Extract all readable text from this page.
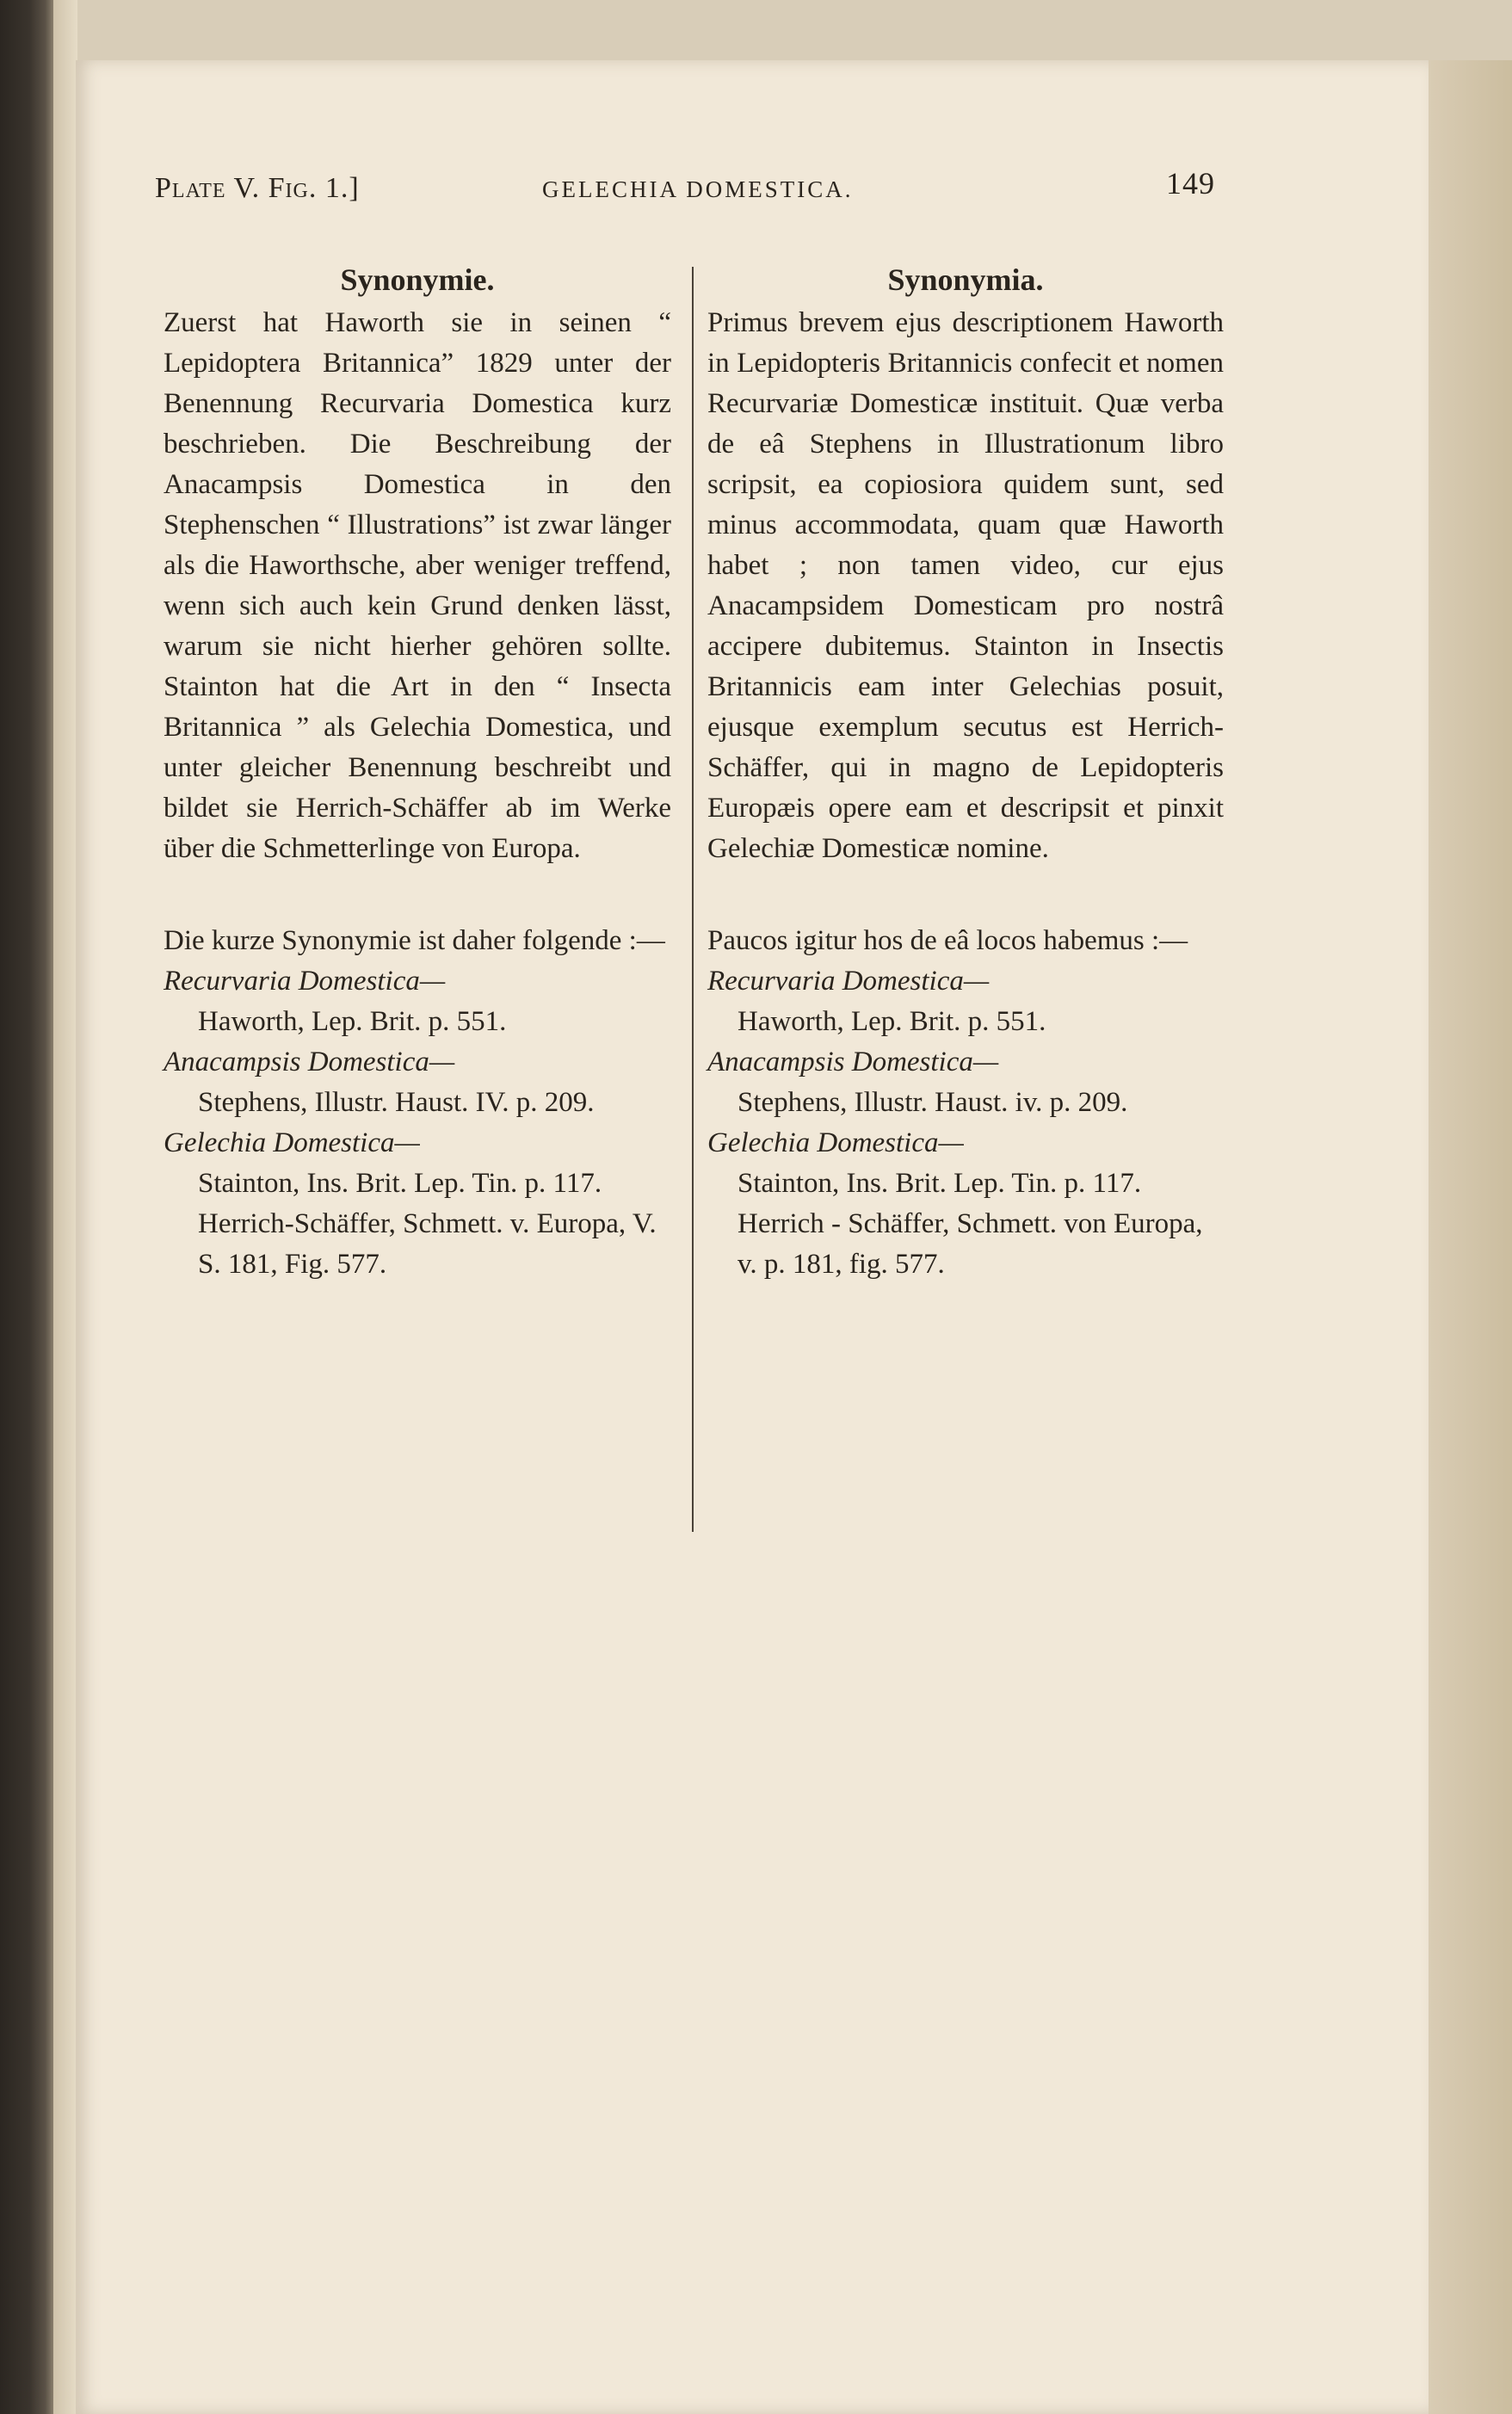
Plate V. Fig. 1.]	GELECHIA DOMESTICA.	149
Synonymie.

Zuerst hat Haworth sie in seinen “ Lepidoptera Britannica” 1829 unter der Benennung Recurvaria Domestica kurz beschrieben. Die Beschreibung der Anacampsis Domestica in den Stephenschen “ Illustrations” ist zwar länger als die Haworthsche, aber weniger treffend, wenn sich auch kein Grund denken lässt, warum sie nicht hierher gehören sollte. Stainton hat die Art in den “ Insecta Britannica ” als Gelechia Domestica, und unter gleicher Benennung beschreibt und bildet sie Herrich-Schäffer ab im Werke über die Schmetterlinge von Europa.

Die kurze Synonymie ist daher folgende :—

Recurvaria Domestica—
Haworth, Lep. Brit. p. 551.
Anacampsis Domestica—
Stephens, Illustr. Haust. IV. p. 209.
Gelechia Domestica—
Stainton, Ins. Brit. Lep. Tin. p. 117.
Herrich-Schäffer, Schmett. v. Europa, V. S. 181, Fig. 577.
Synonymia.

Primus brevem ejus descriptionem Haworth in Lepidopteris Britannicis confecit et nomen Recurvariæ Domesticæ instituit. Quæ verba de eâ Stephens in Illustrationum libro scripsit, ea copiosiora quidem sunt, sed minus accommodata, quam quæ Haworth habet ; non tamen video, cur ejus Anacampsidem Domesticam pro nostrâ accipere dubitemus. Stainton in Insectis Britannicis eam inter Gelechias posuit, ejusque exemplum secutus est Herrich-Schäffer, qui in magno de Lepidopteris Europæis opere eam et descripsit et pinxit Gelechiæ Domesticæ nomine.

Paucos igitur hos de eâ locos habemus :—

Recurvaria Domestica—
Haworth, Lep. Brit. p. 551.
Anacampsis Domestica—
Stephens, Illustr. Haust. iv. p. 209.
Gelechia Domestica—
Stainton, Ins. Brit. Lep. Tin. p. 117.
Herrich - Schäffer, Schmett. von Europa, v. p. 181, fig. 577.
